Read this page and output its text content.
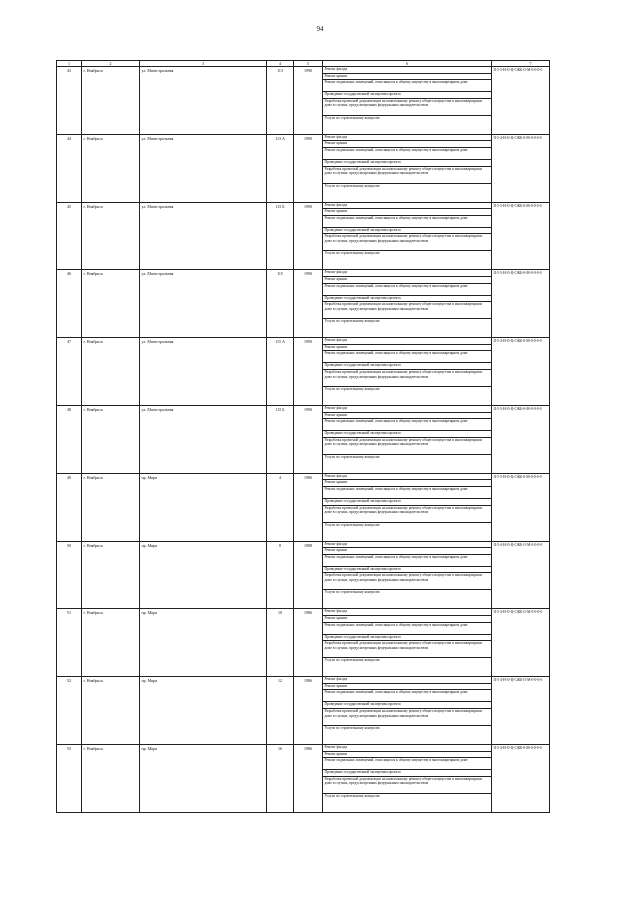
94
1	2	3	4	5	6	7
43	г. Ноябрьск	ул. Магистральная	113	1990	Ремонт фасада
Ремонт крыши
Ремонт подвальных помещений, относящихся к общему имуществу в многоквартирном доме
Проведение государственной экспертизы проекта
Разработка проектной документации на капитальному ремонту общего имущества в многоквартирном доме в случаях, предусмотренных федеральным законодательством
Услуги по строительному контролю
II-5-5-Н-О-Ц-СЖБ-О-М-0-0-0-0
44	г. Ноябрьск	ул. Магистральная	113 А	1990	Ремонт фасада
Ремонт крыши
Ремонт подвальных помещений, относящихся к общему имуществу в многоквартирном доме
Проведение государственной экспертизы проекта
Разработка проектной документации на капитальному ремонту общего имущества в многоквартирном доме в случаях, предусмотренных федеральным законодательством
Услуги по строительному контролю
II-5-4-Н-О-Ц-СЖБ-0-М-0-0-0-0
45	г. Ноябрьск	ул. Магистральная	115 Б	1990	Ремонт фасада
Ремонт крыши
Ремонт подвальных помещений, относящихся к общему имуществу в многоквартирном доме
Проведение государственной экспертизы проекта
Разработка проектной документации на капитальному ремонту общего имущества в многоквартирном доме в случаях, предусмотренных федеральным законодательством
Услуги по строительному контролю
II-5-5-Н-О-Ц-СЖБ-0-М-0-0-0-0
46	г. Ноябрьск	ул. Магистральная	115	1990	Ремонт фасада
Ремонт крыши
Ремонт подвальных помещений, относящихся к общему имуществу в многоквартирном доме
Проведение государственной экспертизы проекта
Разработка проектной документации на капитальному ремонту общего имущества в многоквартирном доме в случаях, предусмотренных федеральным законодательством
Услуги по строительному контролю
II-5-5-Н-О-Ц-СЖБ-0-М-0-0-0-0
47	г. Ноябрьск	ул. Магистральная	115 А	1990	Ремонт фасада
Ремонт крыши
Ремонт подвальных помещений, относящихся к общему имуществу в многоквартирном доме
Проведение государственной экспертизы проекта
Разработка проектной документации на капитальному ремонту общего имущества в многоквартирном доме в случаях, предусмотренных федеральным законодательством
Услуги по строительному контролю
II-5-4-Н-О-Ц-СЖБ-0-М-0-0-0-0
48	г. Ноябрьск	ул. Магистральная	115 Б	1990	Ремонт фасада
Ремонт крыши
Ремонт подвальных помещений, относящихся к общему имуществу в многоквартирном доме
Проведение государственной экспертизы проекта
Разработка проектной документации на капитальному ремонту общего имущества в многоквартирном доме в случаях, предусмотренных федеральным законодательством
Услуги по строительному контролю
II-5-5-Н-О-Ц-СЖБ-0-М-0-0-0-0
49	г. Ноябрьск	пр. Мира	4	1986	Ремонт фасада
Ремонт крыши
Ремонт подвальных помещений, относящихся к общему имуществу в многоквартирном доме
Проведение государственной экспертизы проекта
Разработка проектной документации на капитальному ремонту общего имущества в многоквартирном доме в случаях, предусмотренных федеральным законодательством
Услуги по строительному контролю
II-5-5-Н-О-Ц-СЖБ-0-М-0-0-0-0
50	г. Ноябрьск	пр. Мира	8	1988	Ремонт фасада
Ремонт крыши
Ремонт подвальных помещений, относящихся к общему имуществу в многоквартирном доме
Проведение государственной экспертизы проекта
Разработка проектной документации на капитальному ремонту общего имущества в многоквартирном доме в случаях, предусмотренных федеральным законодательством
Услуги по строительному контролю
II-5-4-Н-О-Ц-СЖБ-О-М-0-0-0-0
51	г. Ноябрьск	пр. Мира	10	1986	Ремонт фасада
Ремонт крыши
Ремонт подвальных помещений, относящихся к общему имуществу в многоквартирном доме
Проведение государственной экспертизы проекта
Разработка проектной документации на капитальному ремонту общего имущества в многоквартирном доме в случаях, предусмотренных федеральным законодательством
Услуги по строительному контролю
II-5-4-Н-О-Ц-СЖБ-О-М-0-0-0-0
52	г. Ноябрьск	пр. Мира	12	1986	Ремонт фасада
Ремонт крыши
Ремонт подвальных помещений, относящихся к общему имуществу в многоквартирном доме
Проведение государственной экспертизы проекта
Разработка проектной документации на капитальному ремонту общего имущества в многоквартирном доме в случаях, предусмотренных федеральным законодательством
Услуги по строительному контролю
II-5-4-Н-О-Ц-СЖБ-О-М-0-0-0-0
53	г. Ноябрьск	пр. Мира	16	1986	Ремонт фасада
Ремонт крыши
Ремонт подвальных помещений, относящихся к общему имуществу в многоквартирном доме
Проведение государственной экспертизы проекта
Разработка проектной документации на капитальному ремонту общего имущества в многоквартирном доме в случаях, предусмотренных федеральным законодательством
Услуги по строительному контролю
II-5-4-Н-О-Ц-СЖБ-0-М-0-0-0-0
